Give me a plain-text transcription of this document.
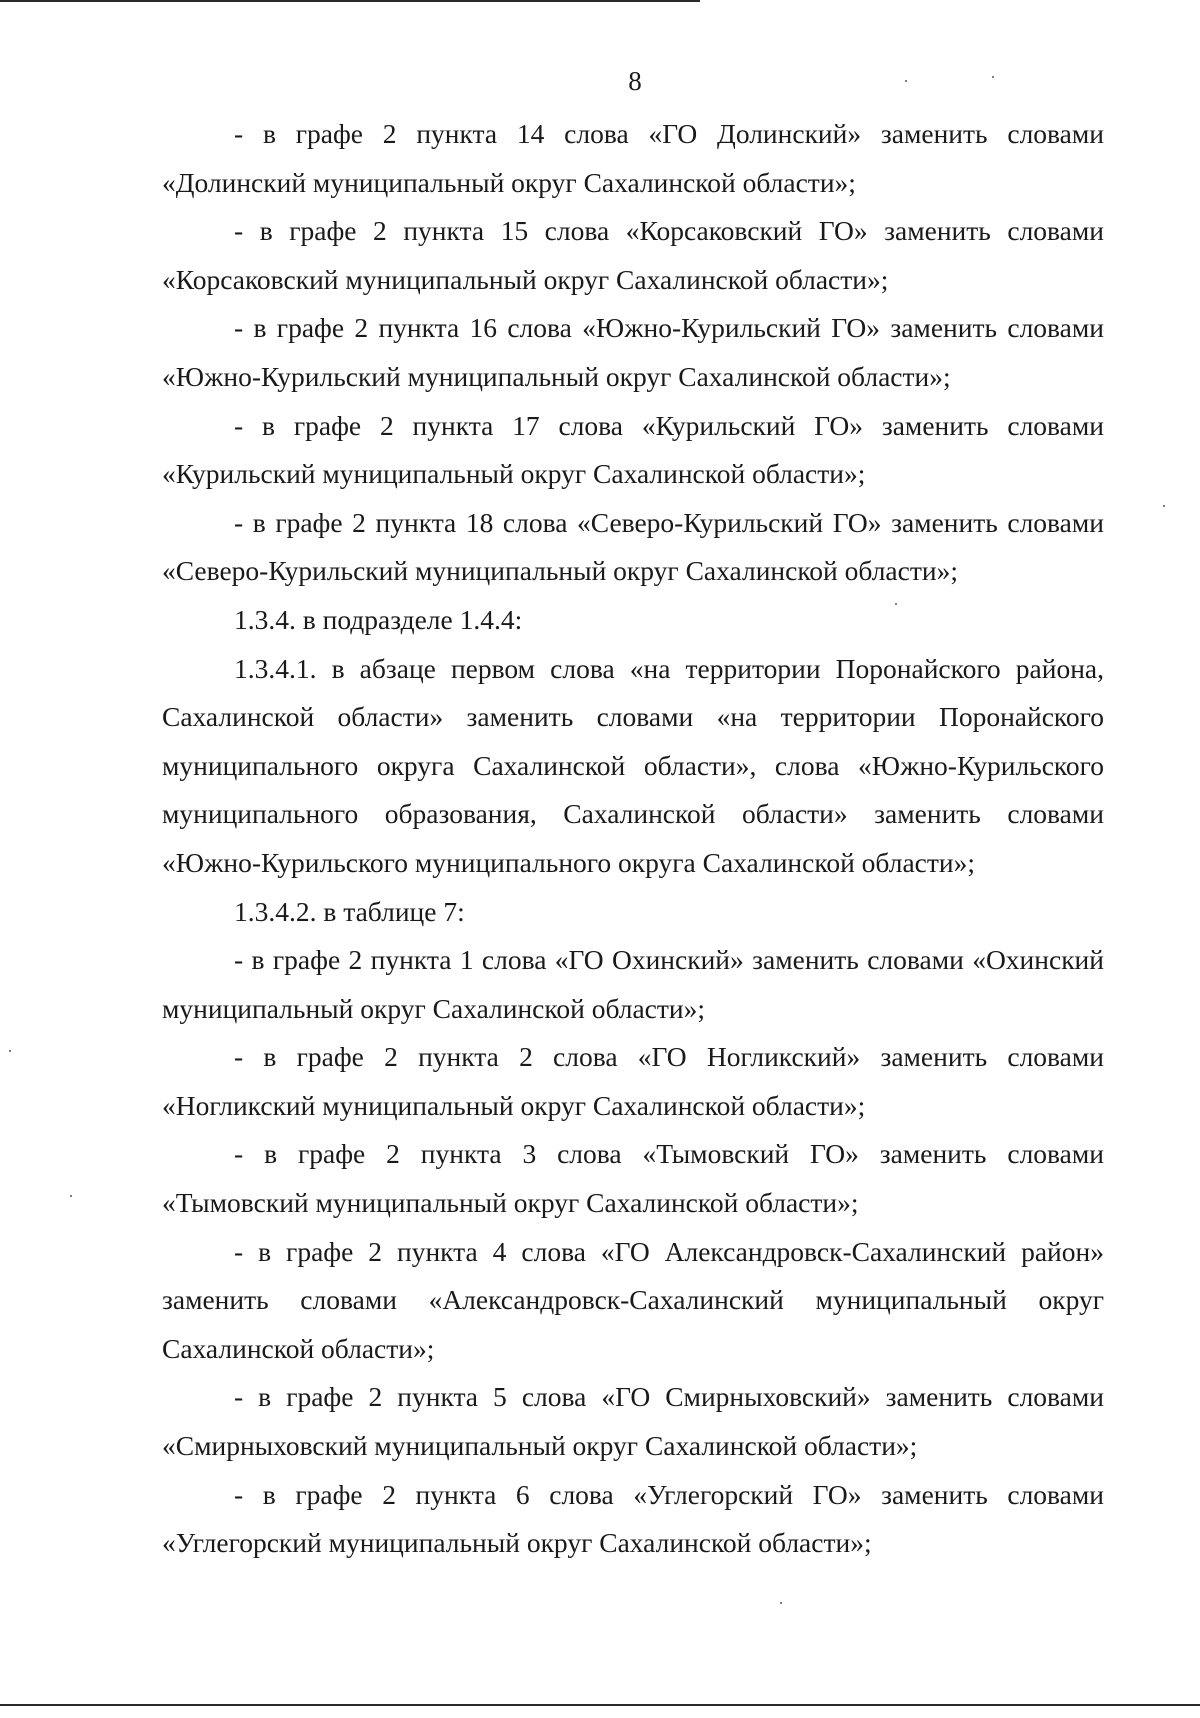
8

- в графе 2 пункта 14 слова «ГО Долинский» заменить словами «Долинский муниципальный округ Сахалинской области»;

- в графе 2 пункта 15 слова «Корсаковский ГО» заменить словами «Корсаковский муниципальный округ Сахалинской области»;

- в графе 2 пункта 16 слова «Южно-Курильский ГО» заменить словами «Южно-Курильский муниципальный округ Сахалинской области»;

- в графе 2 пункта 17 слова «Курильский ГО» заменить словами «Курильский муниципальный округ Сахалинской области»;

- в графе 2 пункта 18 слова «Северо-Курильский ГО» заменить словами «Северо-Курильский муниципальный округ Сахалинской области»;

1.3.4. в подразделе 1.4.4:

1.3.4.1. в абзаце первом слова «на территории Поронайского района, Сахалинской области» заменить словами «на территории Поронайского муниципального округа Сахалинской области», слова «Южно-Курильского муниципального образования, Сахалинской области» заменить словами «Южно-Курильского муниципального округа Сахалинской области»;

1.3.4.2. в таблице 7:

- в графе 2 пункта 1 слова «ГО Охинский» заменить словами «Охинский муниципальный округ Сахалинской области»;

- в графе 2 пункта 2 слова «ГО Ногликский» заменить словами «Ногликский муниципальный округ Сахалинской области»;

- в графе 2 пункта 3 слова «Тымовский ГО» заменить словами «Тымовский муниципальный округ Сахалинской области»;

- в графе 2 пункта 4 слова «ГО Александровск-Сахалинский район» заменить словами «Александровск-Сахалинский муниципальный округ Сахалинской области»;

- в графе 2 пункта 5 слова «ГО Смирныховский» заменить словами «Смирныховский муниципальный округ Сахалинской области»;

- в графе 2 пункта 6 слова «Углегорский ГО» заменить словами «Углегорский муниципальный округ Сахалинской области»;
